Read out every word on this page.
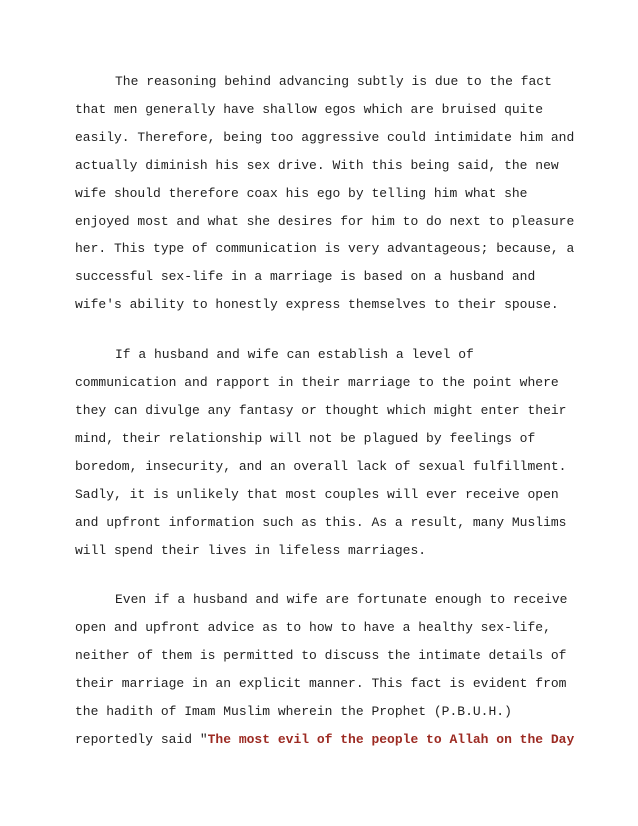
The reasoning behind advancing subtly is due to the fact
that men generally have shallow egos which are bruised quite
easily. Therefore, being too aggressive could intimidate him and
actually diminish his sex drive. With this being said, the new
wife should therefore coax his ego by telling him what she
enjoyed most and what she desires for him to do next to pleasure
her. This type of communication is very advantageous; because, a
successful sex-life in a marriage is based on a husband and
wife's ability to honestly express themselves to their spouse.

If a husband and wife can establish a level of
communication and rapport in their marriage to the point where
they can divulge any fantasy or thought which might enter their
mind, their relationship will not be plagued by feelings of
boredom, insecurity, and an overall lack of sexual fulfillment.
Sadly, it is unlikely that most couples will ever receive open
and upfront information such as this. As a result, many Muslims
will spend their lives in lifeless marriages.

Even if a husband and wife are fortunate enough to receive
open and upfront advice as to how to have a healthy sex-life,
neither of them is permitted to discuss the intimate details of
their marriage in an explicit manner. This fact is evident from
the hadith of Imam Muslim wherein the Prophet (P.B.U.H.)
reportedly said "The most evil of the people to Allah on the Day
